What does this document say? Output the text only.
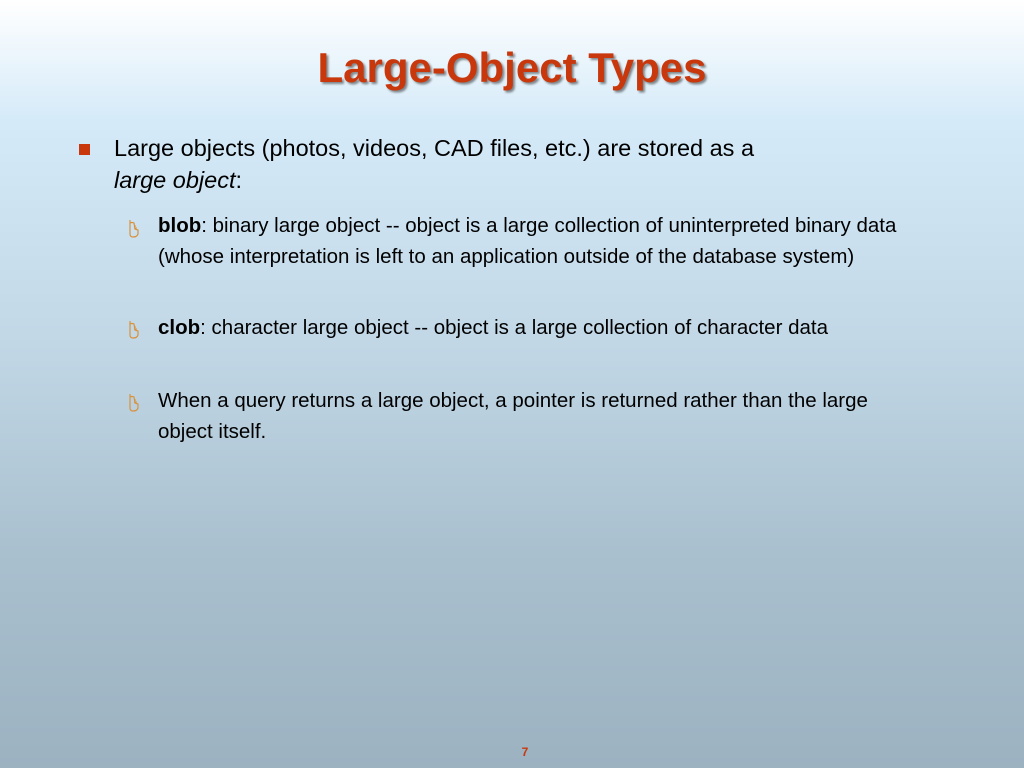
Large-Object Types
Large objects (photos, videos, CAD files, etc.) are stored as a
large object:
blob: binary large object -- object is a large collection of uninterpreted binary data (whose interpretation is left to an application outside of the database system)
clob: character large object -- object is a large collection of character data
When a query returns a large object, a pointer is returned rather than the large object itself.
7
